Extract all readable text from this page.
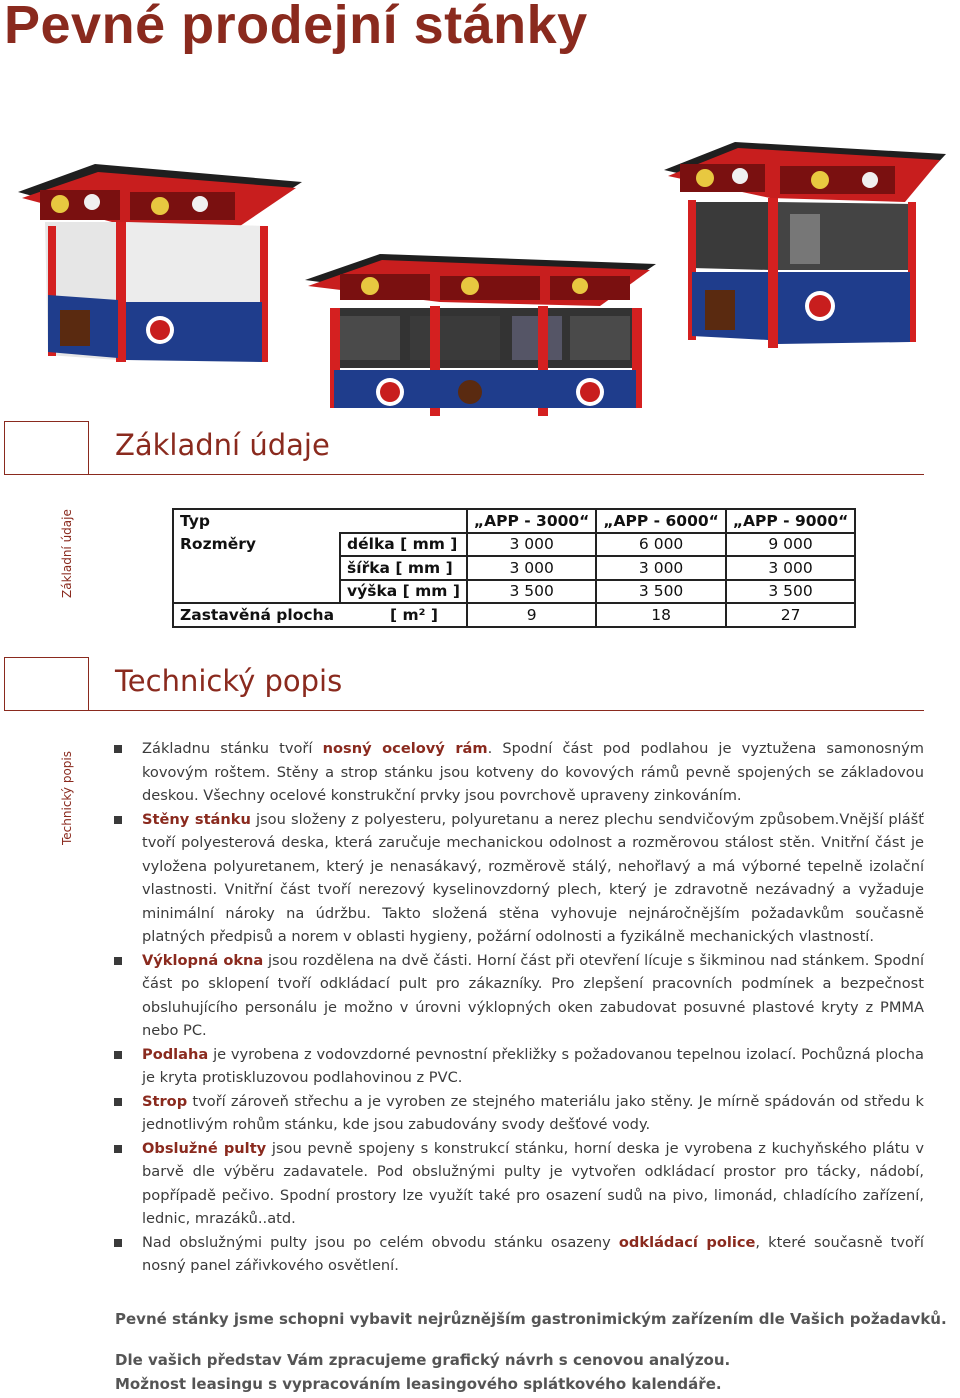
Pevné prodejní stánky
Základní údaje
Základní údaje	Typ		„APP - 3000“	„APP - 6000“	„APP - 9000“
Rozměry	délka [ mm ]	3 000	6 000	9 000
	šířka [ mm ]	3 000	3 000	3 000
	výška [ mm ]	3 500	3 500	3 500
Zastavěná plocha	[ m² ]	9	18	27
Technický popis
Technický popis
Základnu stánku tvoří nosný ocelový rám. Spodní část pod podlahou je vyztužena samonosným kovovým roštem. Stěny a strop stánku jsou kotveny do kovových rámů pevně spojených se základovou deskou. Všechny ocelové konstrukční prvky jsou povrchově upraveny zinkováním.
Stěny stánku jsou složeny z polyesteru, polyuretanu a nerez plechu sendvičovým způsobem.Vnější plášť tvoří polyesterová deska, která zaručuje mechanickou odolnost a rozměrovou stálost stěn. Vnitřní část je vyložena polyuretanem, který je nenasákavý, rozměrově stálý, nehořlavý a má výborné tepelně izolační vlastnosti. Vnitřní část tvoří nerezový kyselinovzdorný plech, který je zdravotně nezávadný a vyžaduje minimální nároky na údržbu. Takto složená stěna vyhovuje nejnáročnějším požadavkům současně platných předpisů a norem v oblasti hygieny, požární odolnosti a fyzikálně mechanických vlastností.
Výklopná okna jsou rozdělena na dvě části. Horní část při otevření lícuje s šikminou nad stánkem. Spodní část po sklopení tvoří odkládací pult pro zákazníky. Pro zlepšení pracovních podmínek a bezpečnost obsluhujícího personálu je možno v úrovni výklopných oken zabudovat posuvné plastové kryty z PMMA nebo PC.
Podlaha je vyrobena z vodovzdorné pevnostní překližky s požadovanou tepelnou izolací. Pochůzná plocha je kryta protiskluzovou podlahovinou z PVC.
Strop tvoří zároveň střechu a je vyroben ze stejného materiálu jako stěny. Je mírně spádován od středu k jednotlivým rohům stánku, kde jsou zabudovány svody dešťové vody.
Obslužné pulty jsou pevně spojeny s konstrukcí stánku, horní deska je vyrobena z kuchyňského plátu v barvě dle výběru zadavatele. Pod obslužnými pulty je vytvořen odkládací prostor pro tácky, nádobí, popřípadě pečivo. Spodní prostory lze využít také pro osazení sudů na pivo, limonád, chladícího zařízení, lednic, mrazáků..atd.
Nad obslužnými pulty jsou po celém obvodu stánku osazeny odkládací police, které současně tvoří nosný panel zářivkového osvětlení.
Pevné stánky jsme schopni vybavit nejrůznějším gastronimickým zařízením dle Vašich požadavků.
Dle vašich představ Vám zpracujeme grafický návrh s cenovou analýzou.
Možnost leasingu s vypracováním leasingového splátkového kalendáře.
